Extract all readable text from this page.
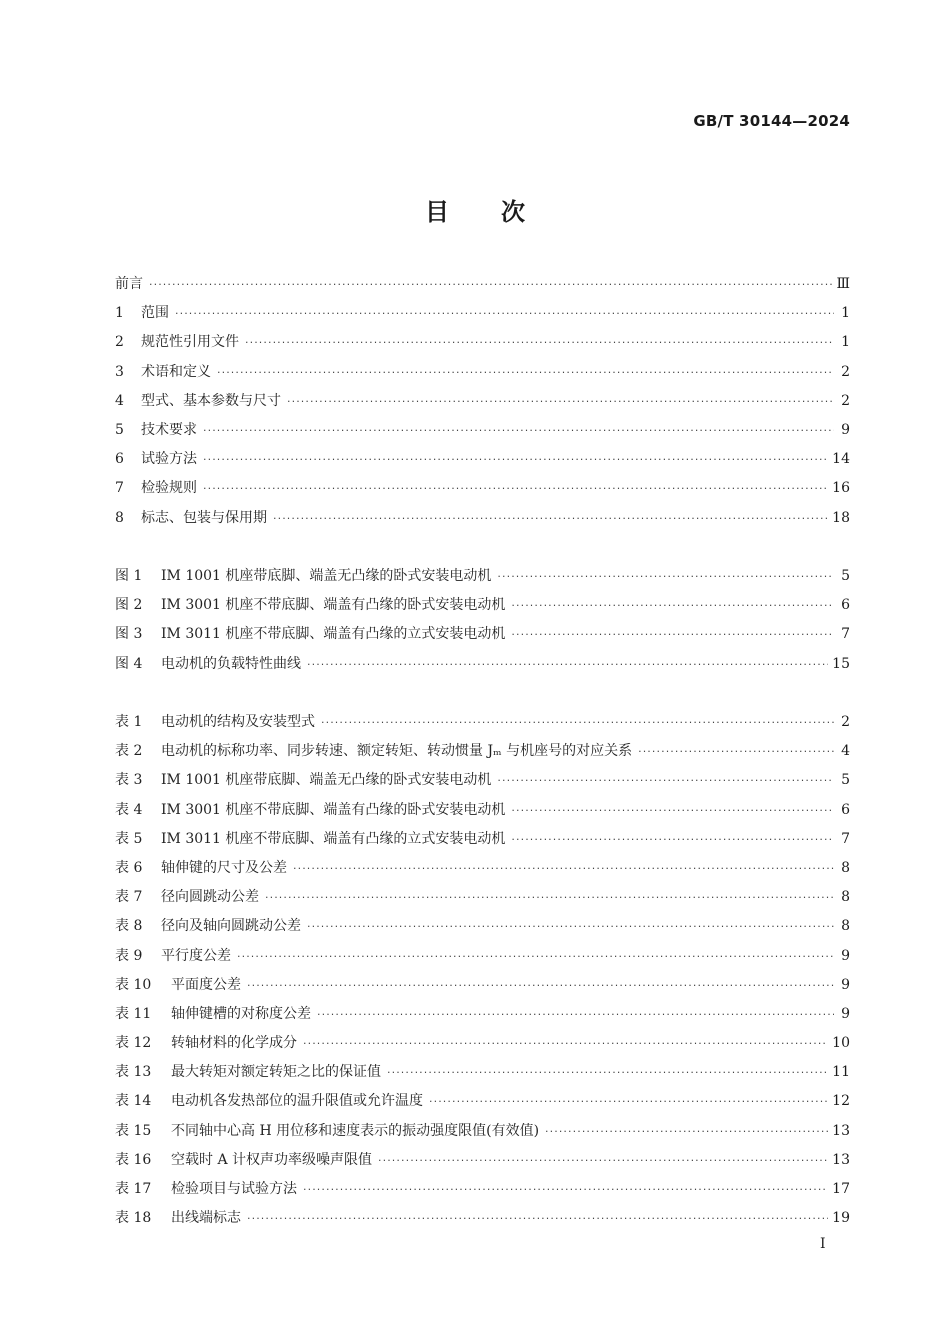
GB/T 30144—2024
目 次
前言 ·····	Ⅲ
1	范围 ·····	1
2	规范性引用文件 ·····	1
3	术语和定义 ·····	2
4	型式、基本参数与尺寸 ·····	2
5	技术要求 ·····	9
6	试验方法 ·····	14
7	检验规则 ·····	16
8	标志、包装与保用期 ·····	18
图 1	IM 1001 机座带底脚、端盖无凸缘的卧式安装电动机 ·····	5
图 2	IM 3001 机座不带底脚、端盖有凸缘的卧式安装电动机 ·····	6
图 3	IM 3011 机座不带底脚、端盖有凸缘的立式安装电动机 ·····	7
图 4	电动机的负载特性曲线 ·····	15
表 1	电动机的结构及安装型式 ·····	2
表 2	电动机的标称功率、同步转速、额定转矩、转动惯量 Jₘ 与机座号的对应关系 ·····	4
表 3	IM 1001 机座带底脚、端盖无凸缘的卧式安装电动机 ·····	5
表 4	IM 3001 机座不带底脚、端盖有凸缘的卧式安装电动机 ·····	6
表 5	IM 3011 机座不带底脚、端盖有凸缘的立式安装电动机 ·····	7
表 6	轴伸键的尺寸及公差 ·····	8
表 7	径向圆跳动公差 ·····	8
表 8	径向及轴向圆跳动公差 ·····	8
表 9	平行度公差 ·····	9
表 10	平面度公差 ·····	9
表 11	轴伸键槽的对称度公差 ·····	9
表 12	转轴材料的化学成分 ·····	10
表 13	最大转矩对额定转矩之比的保证值 ·····	11
表 14	电动机各发热部位的温升限值或允许温度 ·····	12
表 15	不同轴中心高 H 用位移和速度表示的振动强度限值(有效值) ·····	13
表 16	空载时 A 计权声功率级噪声限值 ·····	13
表 17	检验项目与试验方法 ·····	17
表 18	出线端标志 ·····	19
I
